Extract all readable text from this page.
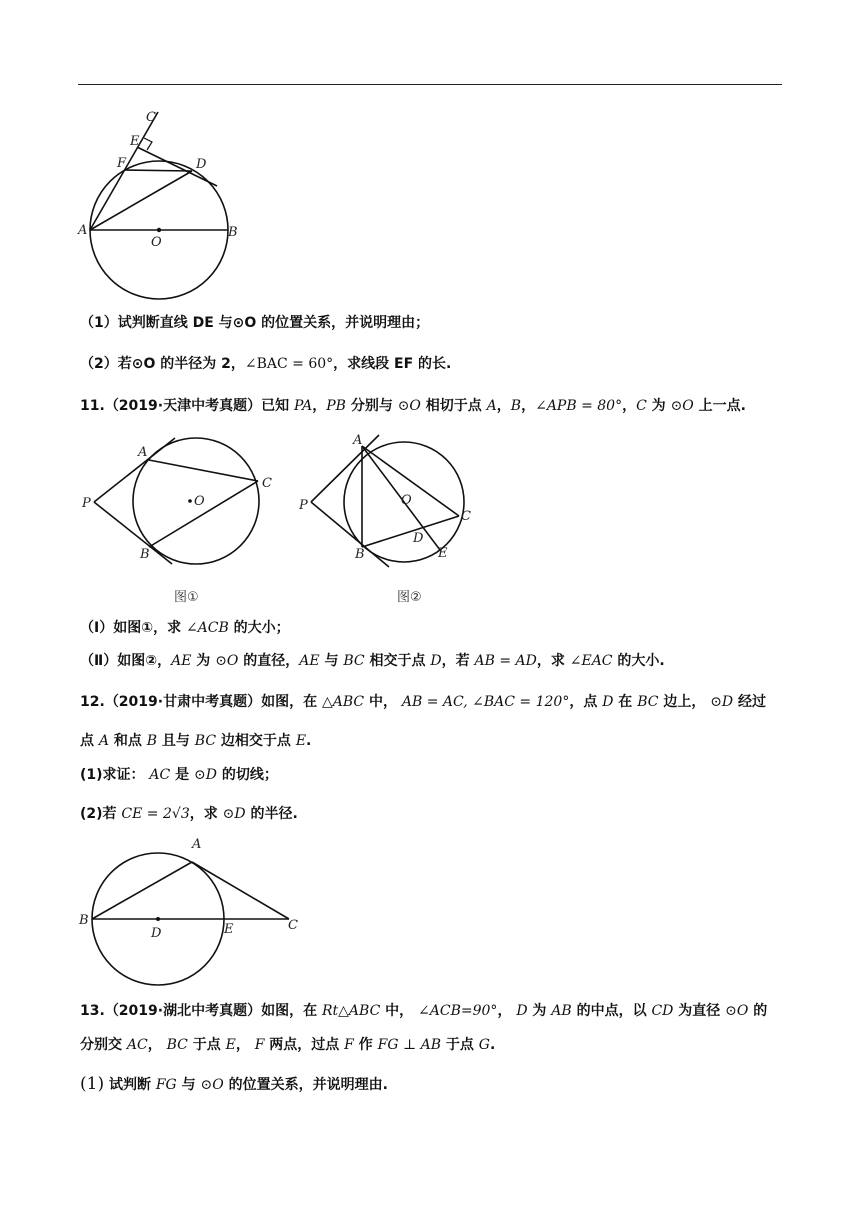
C
E
F	D
A
O
B
（1）试判断直线 DE 与⊙O 的位置关系，并说明理由；
（2）若⊙O 的半径为 2，∠BAC = 60°，求线段 EF 的长.
11.（2019·天津中考真题）已知 PA，PB 分别与 ⊙O 相切于点 A，B，∠APB = 80°，C 为 ⊙O 上一点.
P
A
B
C
O
图①
A
P
B
O
D
E
C
图②
（Ⅰ）如图①，求 ∠ACB 的大小；
（Ⅱ）如图②，AE 为 ⊙O 的直径，AE 与 BC 相交于点 D，若 AB = AD，求 ∠EAC 的大小.
12.（2019·甘肃中考真题）如图，在 △ABC 中， AB = AC, ∠BAC = 120°，点 D 在 BC 边上， ⊙D 经过
点 A 和点 B 且与 BC 边相交于点 E.
(1)求证： AC 是 ⊙D 的切线；
(2)若 CE = 2√3，求 ⊙D 的半径.
A
B
D	E	C
13.（2019·湖北中考真题）如图，在 Rt△ABC 中， ∠ACB=90°， D 为 AB 的中点，以 CD 为直径 ⊙O 的
分别交 AC， BC 于点 E， F 两点，过点 F 作 FG ⊥ AB 于点 G.
(1) 试判断 FG 与 ⊙O 的位置关系，并说明理由.
